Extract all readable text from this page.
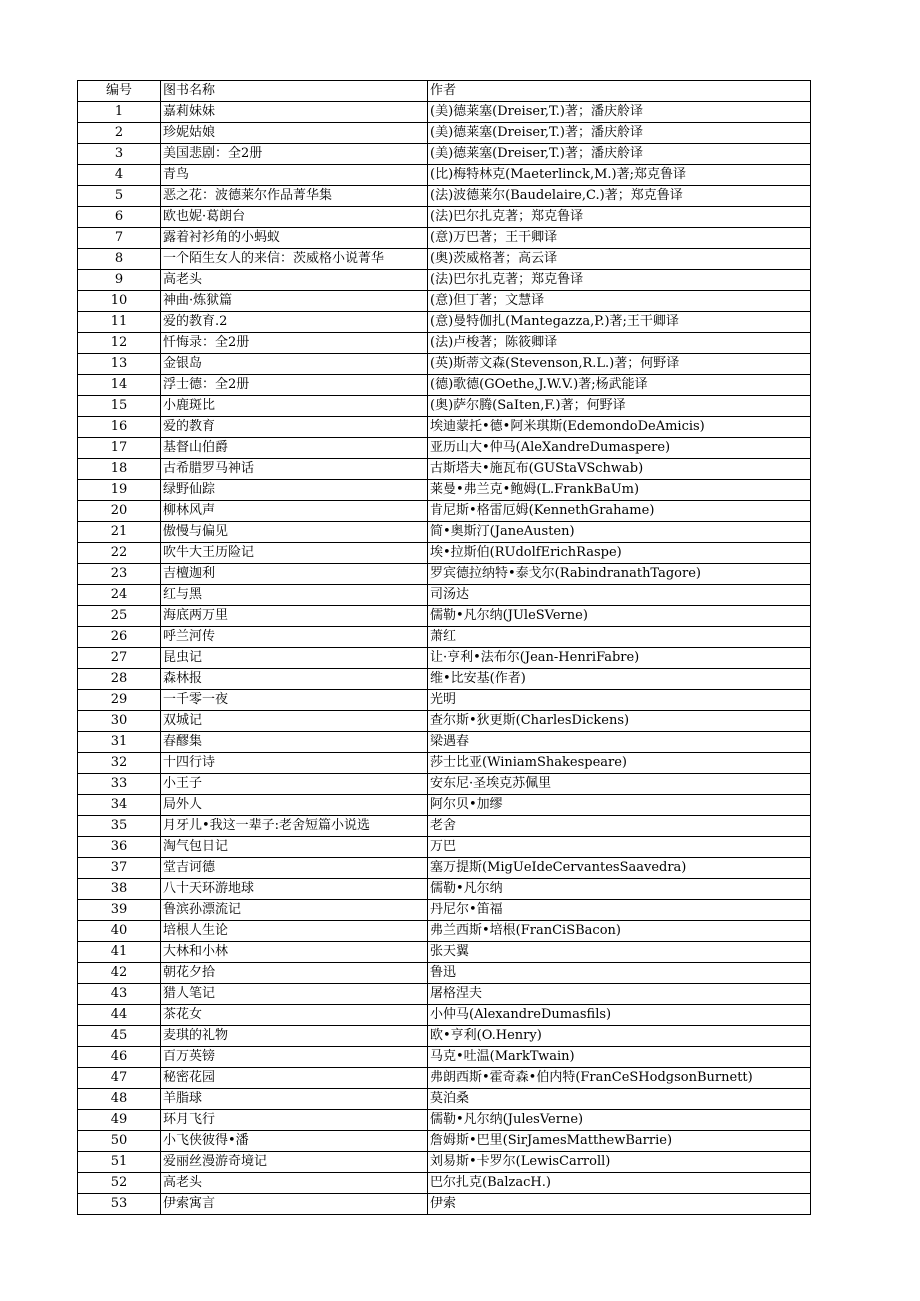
编号	图书名称	作者
1	嘉莉妹妹	(美)德莱塞(Dreiser,T.)著；潘庆舲译
2	珍妮姑娘	(美)德莱塞(Dreiser,T.)著；潘庆舲译
3	美国悲剧：全2册	(美)德莱塞(Dreiser,T.)著；潘庆舲译
4	青鸟	(比)梅特林克(Maeterlinck,M.)著;郑克鲁译
5	恶之花：波德莱尔作品菁华集	(法)波德莱尔(Baudelaire,C.)著；郑克鲁译
6	欧也妮·葛朗台	(法)巴尔扎克著；郑克鲁译
7	露着衬衫角的小蚂蚁	(意)万巴著；王干卿译
8	一个陌生女人的来信：茨威格小说菁华	(奥)茨威格著；高云译
9	高老头	(法)巴尔扎克著；郑克鲁译
10	神曲·炼狱篇	(意)但丁著；文慧译
11	爱的教育.2	(意)曼特伽扎(Mantegazza,P.)著;王干卿译
12	忏悔录：全2册	(法)卢梭著；陈筱卿译
13	金银岛	(英)斯蒂文森(Stevenson,R.L.)著；何野译
14	浮士德：全2册	(德)歌德(GOethe,J.W.V.)著;杨武能译
15	小鹿斑比	(奥)萨尔腾(SaIten,F.)著；何野译
16	爱的教育	埃迪蒙托•德•阿米琪斯(EdemondoDeAmicis)
17	基督山伯爵	亚历山大•仲马(AleXandreDumaspere)
18	古希腊罗马神话	古斯塔夫•施瓦布(GUStaVSchwab)
19	绿野仙踪	莱曼•弗兰克•鲍姆(L.FrankBaUm)
20	柳林风声	肯尼斯•格雷厄姆(KennethGrahame)
21	傲慢与偏见	简•奥斯汀(JaneAusten)
22	吹牛大王历险记	埃•拉斯伯(RUdolfErichRaspe)
23	吉檀迦利	罗宾德拉纳特•泰戈尔(RabindranathTagore)
24	红与黑	司汤达
25	海底两万里	儒勒•凡尔纳(JUleSVerne)
26	呼兰河传	萧红
27	昆虫记	让·亨利•法布尔(Jean-HenriFabre)
28	森林报	维•比安基(作者)
29	一千零一夜	光明
30	双城记	查尔斯•狄更斯(CharlesDickens)
31	春醪集	梁遇春
32	十四行诗	莎士比亚(WiniamShakespeare)
33	小王子	安东尼·圣埃克苏佩里
34	局外人	阿尔贝•加缪
35	月牙儿•我这一辈子:老舍短篇小说选	老舍
36	淘气包日记	万巴
37	堂吉诃德	塞万提斯(MigUeIdeCervantesSaavedra)
38	八十天环游地球	儒勒•凡尔纳
39	鲁滨孙漂流记	丹尼尔•笛福
40	培根人生论	弗兰西斯•培根(FranCiSBacon)
41	大林和小林	张天翼
42	朝花夕拾	鲁迅
43	猎人笔记	屠格涅夫
44	茶花女	小仲马(AlexandreDumasfils)
45	麦琪的礼物	欧•亨利(O.Henry)
46	百万英镑	马克•吐温(MarkTwain)
47	秘密花园	弗朗西斯•霍奇森•伯内特(FranCeSHodgsonBurnett)
48	羊脂球	莫泊桑
49	环月飞行	儒勒•凡尔纳(JulesVerne)
50	小飞侠彼得•潘	詹姆斯•巴里(SirJamesMatthewBarrie)
51	爱丽丝漫游奇境记	刘易斯•卡罗尔(LewisCarroll)
52	高老头	巴尔扎克(BalzacH.)
53	伊索寓言	伊索
